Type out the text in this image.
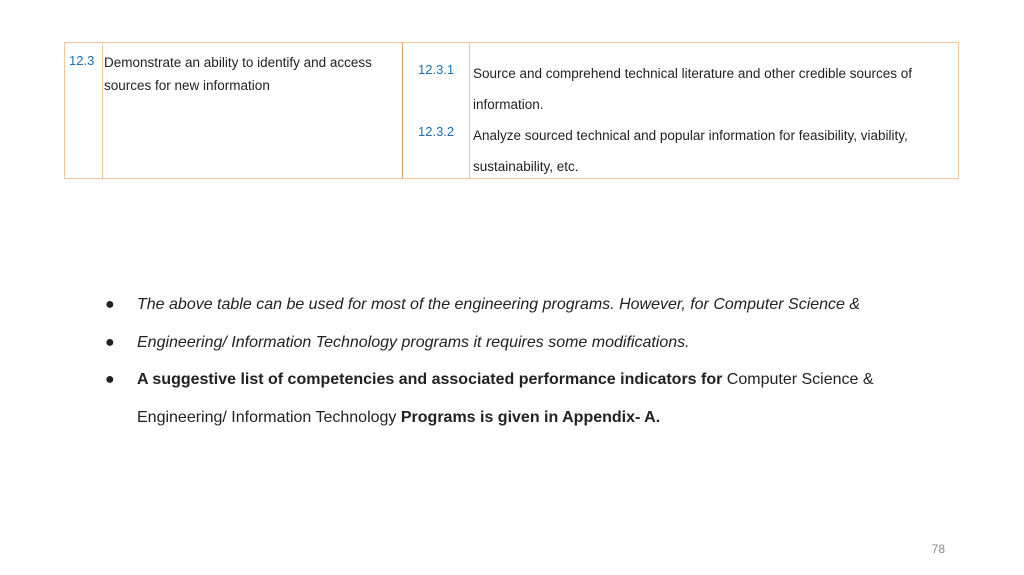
12.3 Demonstrate an ability to identify and access sources for new information
12.3.1
12.3.2
Source and comprehend technical literature and other credible sources of information.
Analyze sourced technical and popular information for feasibility, viability, sustainability, etc.
● The above table can be used for most of the engineering programs. However, for Computer Science &
● Engineering/ Information Technology programs it requires some modifications.
● A suggestive list of competencies and associated performance indicators for Computer Science & Engineering/ Information Technology Programs is given in Appendix- A.
78
